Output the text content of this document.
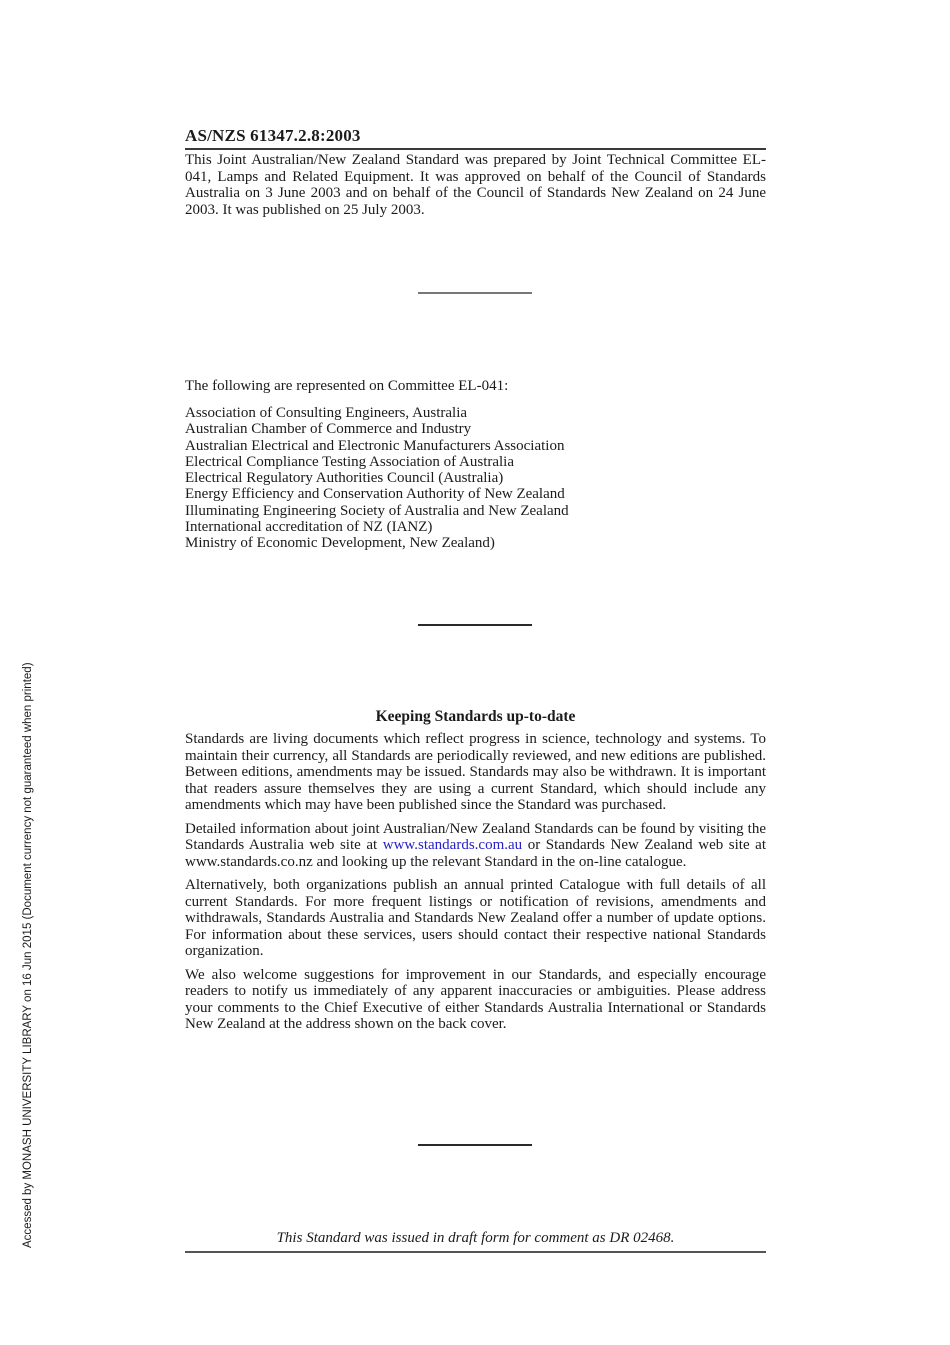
Accessed by MONASH UNIVERSITY LIBRARY on 16 Jun 2015 (Document currency not guaranteed when printed)
AS/NZS 61347.2.8:2003

This Joint Australian/New Zealand Standard was prepared by Joint Technical Committee EL-041, Lamps and Related Equipment. It was approved on behalf of the Council of Standards Australia on 3 June 2003 and on behalf of the Council of Standards New Zealand on 24 June 2003. It was published on 25 July 2003.

The following are represented on Committee EL-041:

Association of Consulting Engineers, Australia
Australian Chamber of Commerce and Industry
Australian Electrical and Electronic Manufacturers Association
Electrical Compliance Testing Association of Australia
Electrical Regulatory Authorities Council (Australia)
Energy Efficiency and Conservation Authority of New Zealand
Illuminating Engineering Society of Australia and New Zealand
International accreditation of NZ (IANZ)
Ministry of Economic Development, New Zealand)

Keeping Standards up-to-date

Standards are living documents which reflect progress in science, technology and systems. To maintain their currency, all Standards are periodically reviewed, and new editions are published. Between editions, amendments may be issued. Standards may also be withdrawn. It is important that readers assure themselves they are using a current Standard, which should include any amendments which may have been published since the Standard was purchased.

Detailed information about joint Australian/New Zealand Standards can be found by visiting the Standards Australia web site at www.standards.com.au or Standards New Zealand web site at www.standards.co.nz and looking up the relevant Standard in the on-line catalogue.

Alternatively, both organizations publish an annual printed Catalogue with full details of all current Standards. For more frequent listings or notification of revisions, amendments and withdrawals, Standards Australia and Standards New Zealand offer a number of update options. For information about these services, users should contact their respective national Standards organization.

We also welcome suggestions for improvement in our Standards, and especially encourage readers to notify us immediately of any apparent inaccuracies or ambiguities. Please address your comments to the Chief Executive of either Standards Australia International or Standards New Zealand at the address shown on the back cover.

This Standard was issued in draft form for comment as DR 02468.
